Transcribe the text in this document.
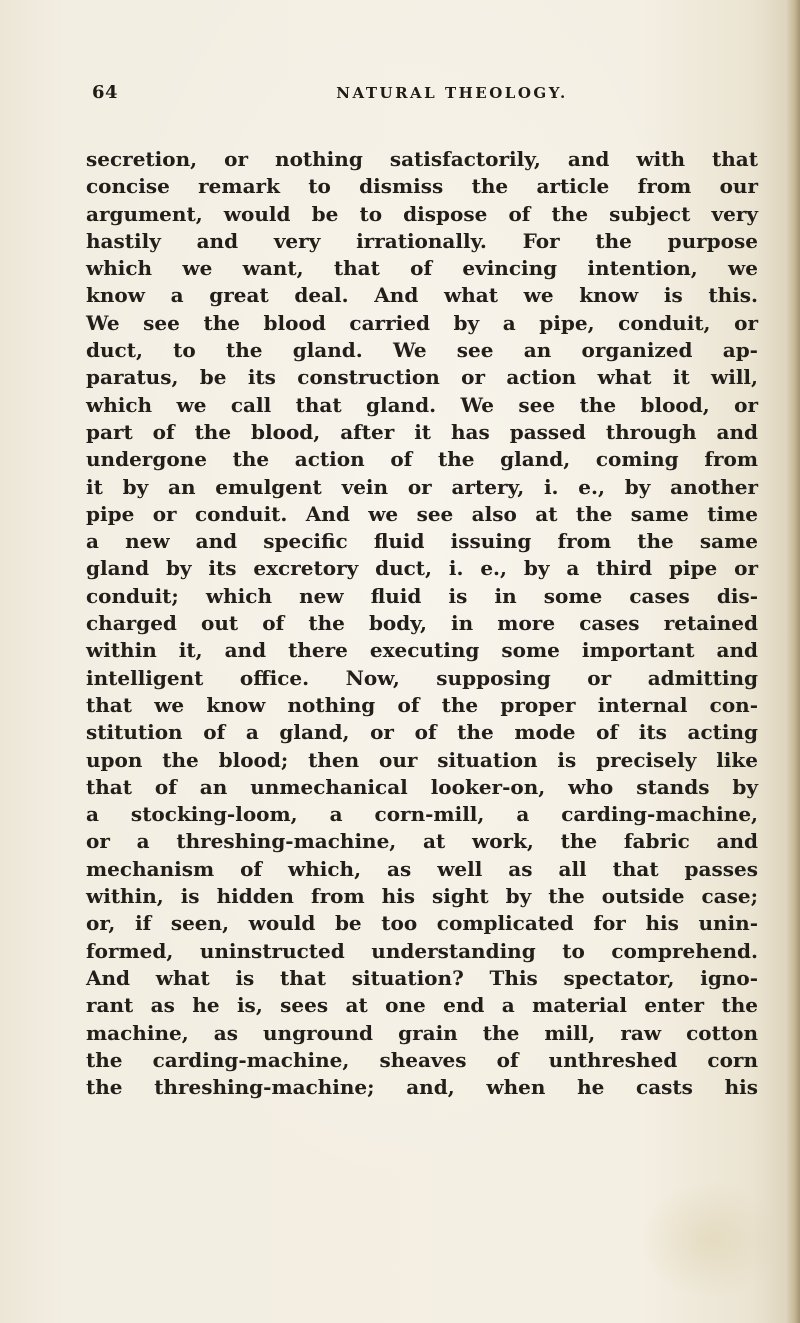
64	NATURAL THEOLOGY.
secretion, or nothing satisfactorily, and with that
concise remark to dismiss the article from our
argument, would be to dispose of the subject very
hastily and very irrationally. For the purpose
which we want, that of evincing intention, we
know a great deal. And what we know is this.
We see the blood carried by a pipe, conduit, or
duct, to the gland. We see an organized ap-
paratus, be its construction or action what it will,
which we call that gland. We see the blood, or
part of the blood, after it has passed through and
undergone the action of the gland, coming from
it by an emulgent vein or artery, i. e., by another
pipe or conduit. And we see also at the same time
a new and specific fluid issuing from the same
gland by its excretory duct, i. e., by a third pipe or
conduit; which new fluid is in some cases dis-
charged out of the body, in more cases retained
within it, and there executing some important and
intelligent office. Now, supposing or admitting
that we know nothing of the proper internal con-
stitution of a gland, or of the mode of its acting
upon the blood; then our situation is precisely like
that of an unmechanical looker-on, who stands by
a stocking-loom, a corn-mill, a carding-machine,
or a threshing-machine, at work, the fabric and
mechanism of which, as well as all that passes
within, is hidden from his sight by the outside case;
or, if seen, would be too complicated for his unin-
formed, uninstructed understanding to comprehend.
And what is that situation? This spectator, igno-
rant as he is, sees at one end a material enter the
machine, as unground grain the mill, raw cotton
the carding-machine, sheaves of unthreshed corn
the threshing-machine; and, when he casts his
